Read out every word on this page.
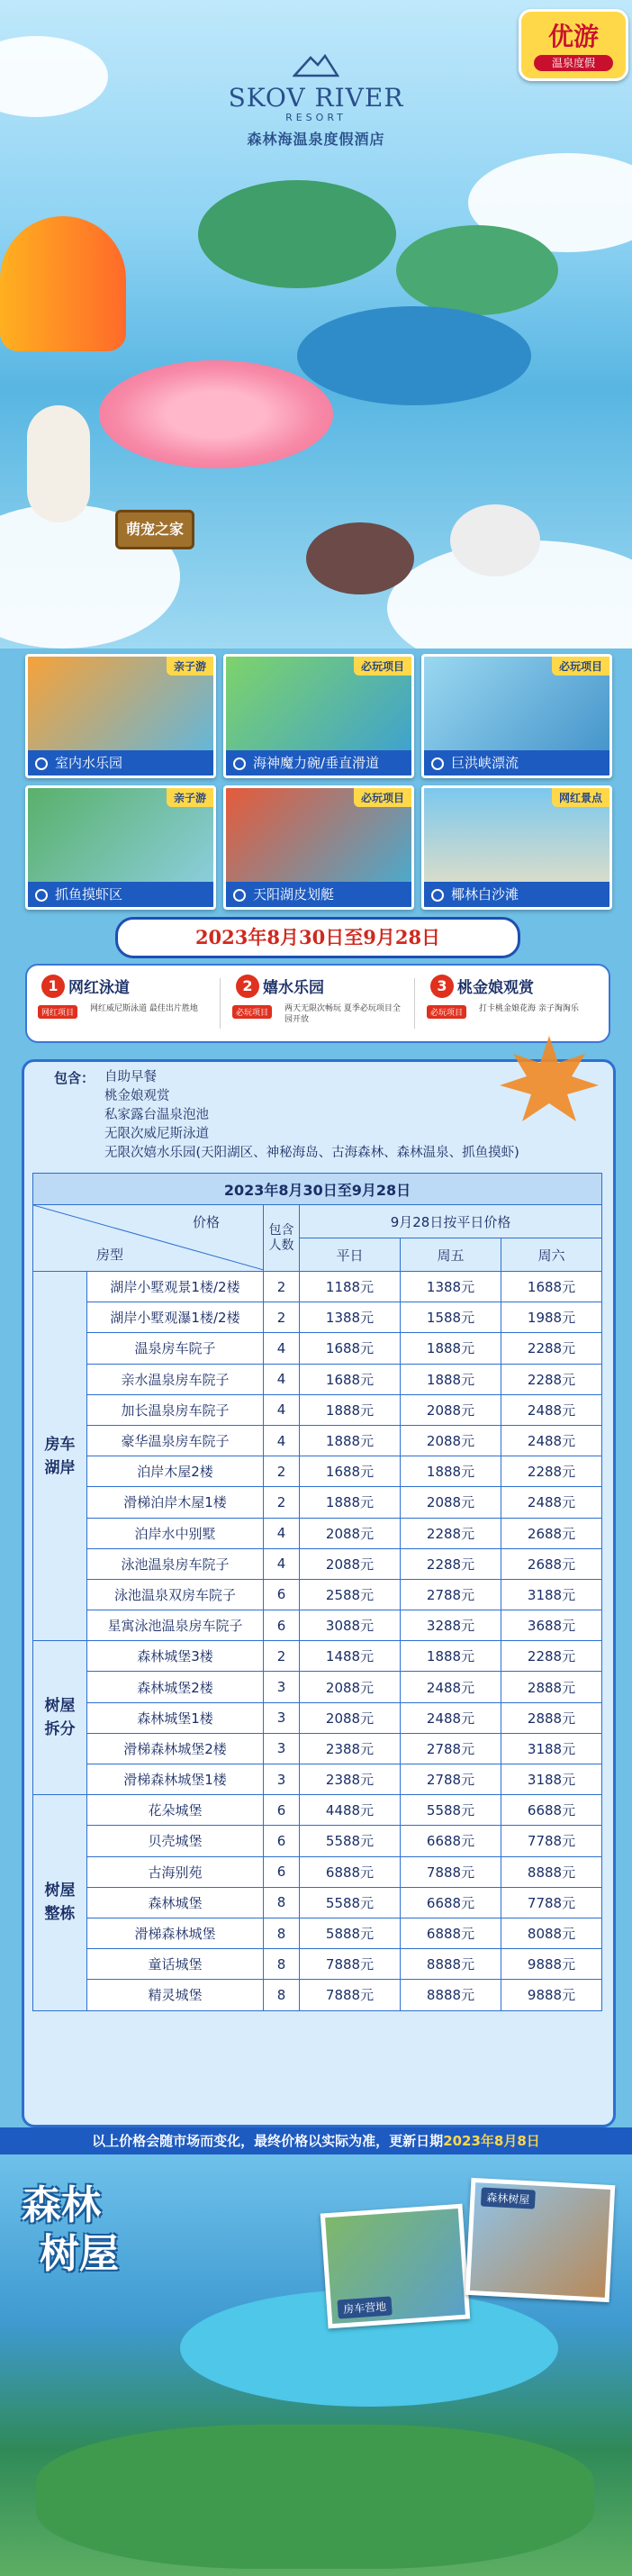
萌宠之家
SKOV RIVER
RESORT
森林海温泉度假酒店
优游
温泉度假
亲子游
室内水乐园
必玩项目
海神魔力碗/垂直滑道
必玩项目
巨洪峡漂流
亲子游
抓鱼摸虾区
必玩项目
天阳湖皮划艇
网红景点
椰林白沙滩
2023年8月30日至9月28日
1 网红泳道
网红项目	网红威尼斯泳道 最佳出片胜地
2 嬉水乐园
必玩项目	两天无限次畅玩 夏季必玩项目全园开放
3 桃金娘观赏
必玩项目	打卡桃金娘花海 亲子淘淘乐
包含： 自助早餐
桃金娘观赏
私家露台温泉泡池
无限次威尼斯泳道
无限次嬉水乐园(天阳湖区、神秘海岛、古海森林、森林温泉、抓鱼摸虾)
2023年8月30日至9月28日					

价格
房型		包含人数	9月28日按平日价格		
			平日	周五	周六
房车湖岸	湖岸小墅观景1楼/2楼	2	1188元	1388元	1688元
	湖岸小墅观瀑1楼/2楼	2	1388元	1588元	1988元
	温泉房车院子	4	1688元	1888元	2288元
	亲水温泉房车院子	4	1688元	1888元	2288元
	加长温泉房车院子	4	1888元	2088元	2488元
	豪华温泉房车院子	4	1888元	2088元	2488元
	泊岸木屋2楼	2	1688元	1888元	2288元
	滑梯泊岸木屋1楼	2	1888元	2088元	2488元
	泊岸水中别墅	4	2088元	2288元	2688元
	泳池温泉房车院子	4	2088元	2288元	2688元
	泳池温泉双房车院子	6	2588元	2788元	3188元
	星寓泳池温泉房车院子	6	3088元	3288元	3688元
树屋拆分	森林城堡3楼	2	1488元	1888元	2288元
	森林城堡2楼	3	2088元	2488元	2888元
	森林城堡1楼	3	2088元	2488元	2888元
	滑梯森林城堡2楼	3	2388元	2788元	3188元
	滑梯森林城堡1楼	3	2388元	2788元	3188元
树屋整栋	花朵城堡	6	4488元	5588元	6688元
	贝壳城堡	6	5588元	6688元	7788元
	古海别苑	6	6888元	7888元	8888元
	森林城堡	8	5588元	6688元	7788元
	滑梯森林城堡	8	5888元	6888元	8088元
	童话城堡	8	7888元	8888元	9888元
	精灵城堡	8	7888元	8888元	9888元
以上价格会随市场而变化，最终价格以实际为准，更新日期2023年8月8日
森林
树屋
房车营地
森林树屋
